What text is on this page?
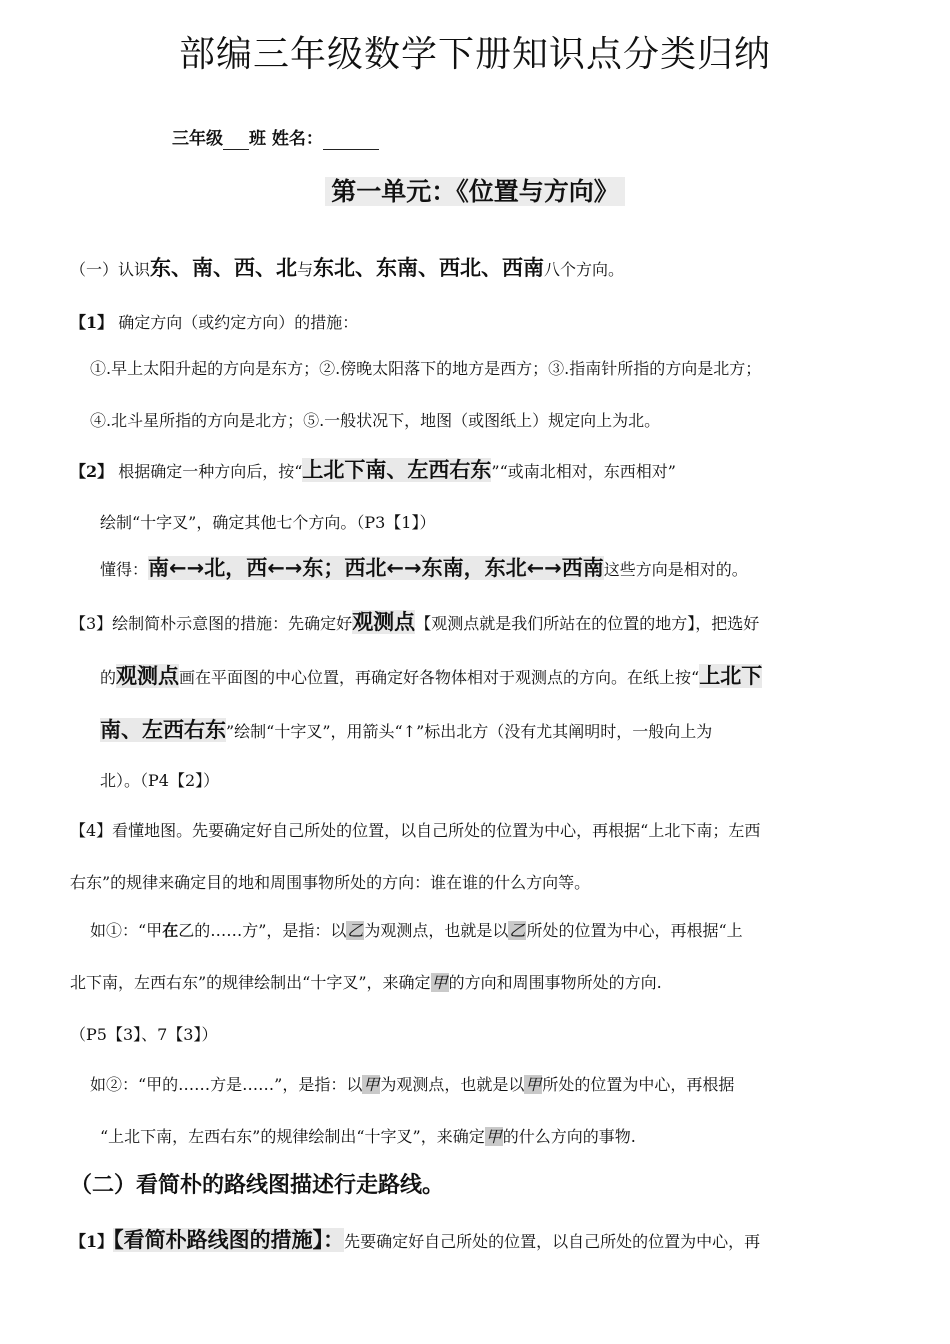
部编三年级数学下册知识点分类归纳
三年级 班 姓名：
第一单元：《位置与方向》
（一）认识东、南、西、北与东北、东南、西北、西南八个方向。
【1】 确定方向（或约定方向）的措施：
①.早上太阳升起的方向是东方；②.傍晚太阳落下的地方是西方；③.指南针所指的方向是北方；
④.北斗星所指的方向是北方；⑤.一般状况下，地图（或图纸上）规定向上为北。
【2】 根据确定一种方向后，按“上北下南、左西右东”“或南北相对，东西相对”
绘制“十字叉”，确定其他七个方向。（P3【1】）
懂得：南←→北，西←→东；西北←→东南，东北←→西南这些方向是相对的。
【3】绘制简朴示意图的措施：先确定好观测点【观测点就是我们所站在的位置的地方】，把选好
的观测点画在平面图的中心位置，再确定好各物体相对于观测点的方向。在纸上按“上北下
南、左西右东”绘制“十字叉”，用箭头“↑”标出北方（没有尤其阐明时，一般向上为
北）。（P4【2】）
【4】看懂地图。先要确定好自己所处的位置，以自己所处的位置为中心，再根据“上北下南；左西
右东”的规律来确定目的地和周围事物所处的方向：谁在谁的什么方向等。
如①：“甲在乙的……方”，是指：以乙为观测点，也就是以乙所处的位置为中心，再根据“上
北下南，左西右东”的规律绘制出“十字叉”，来确定甲的方向和周围事物所处的方向.
（P5【3】、7【3】）
如②：“甲的……方是……”，是指：以甲为观测点，也就是以甲所处的位置为中心，再根据
“上北下南，左西右东”的规律绘制出“十字叉”，来确定甲的什么方向的事物.
（二）看简朴的路线图描述行走路线。
【1】【看简朴路线图的措施】：先要确定好自己所处的位置，以自己所处的位置为中心，再
